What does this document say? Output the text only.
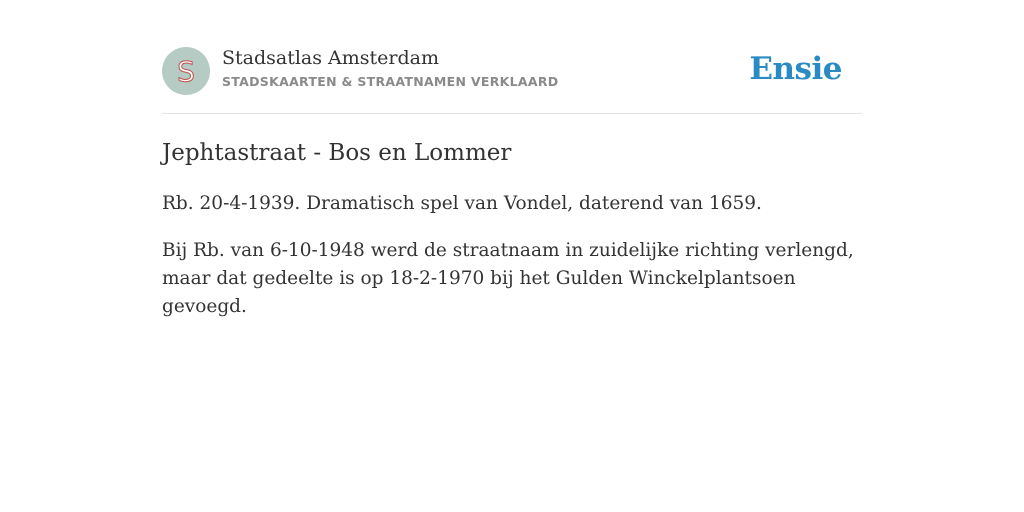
S Stadsatlas Amsterdam
STADSKAARTEN & STRAATNAMEN VERKLAARD	Ensie
Jephtastraat - Bos en Lommer

Rb. 20-4-1939. Dramatisch spel van Vondel, daterend van 1659.

Bij Rb. van 6-10-1948 werd de straatnaam in zuidelijke richting verlengd, maar dat gedeelte is op 18-2-1970 bij het Gulden Winckelplantsoen gevoegd.
